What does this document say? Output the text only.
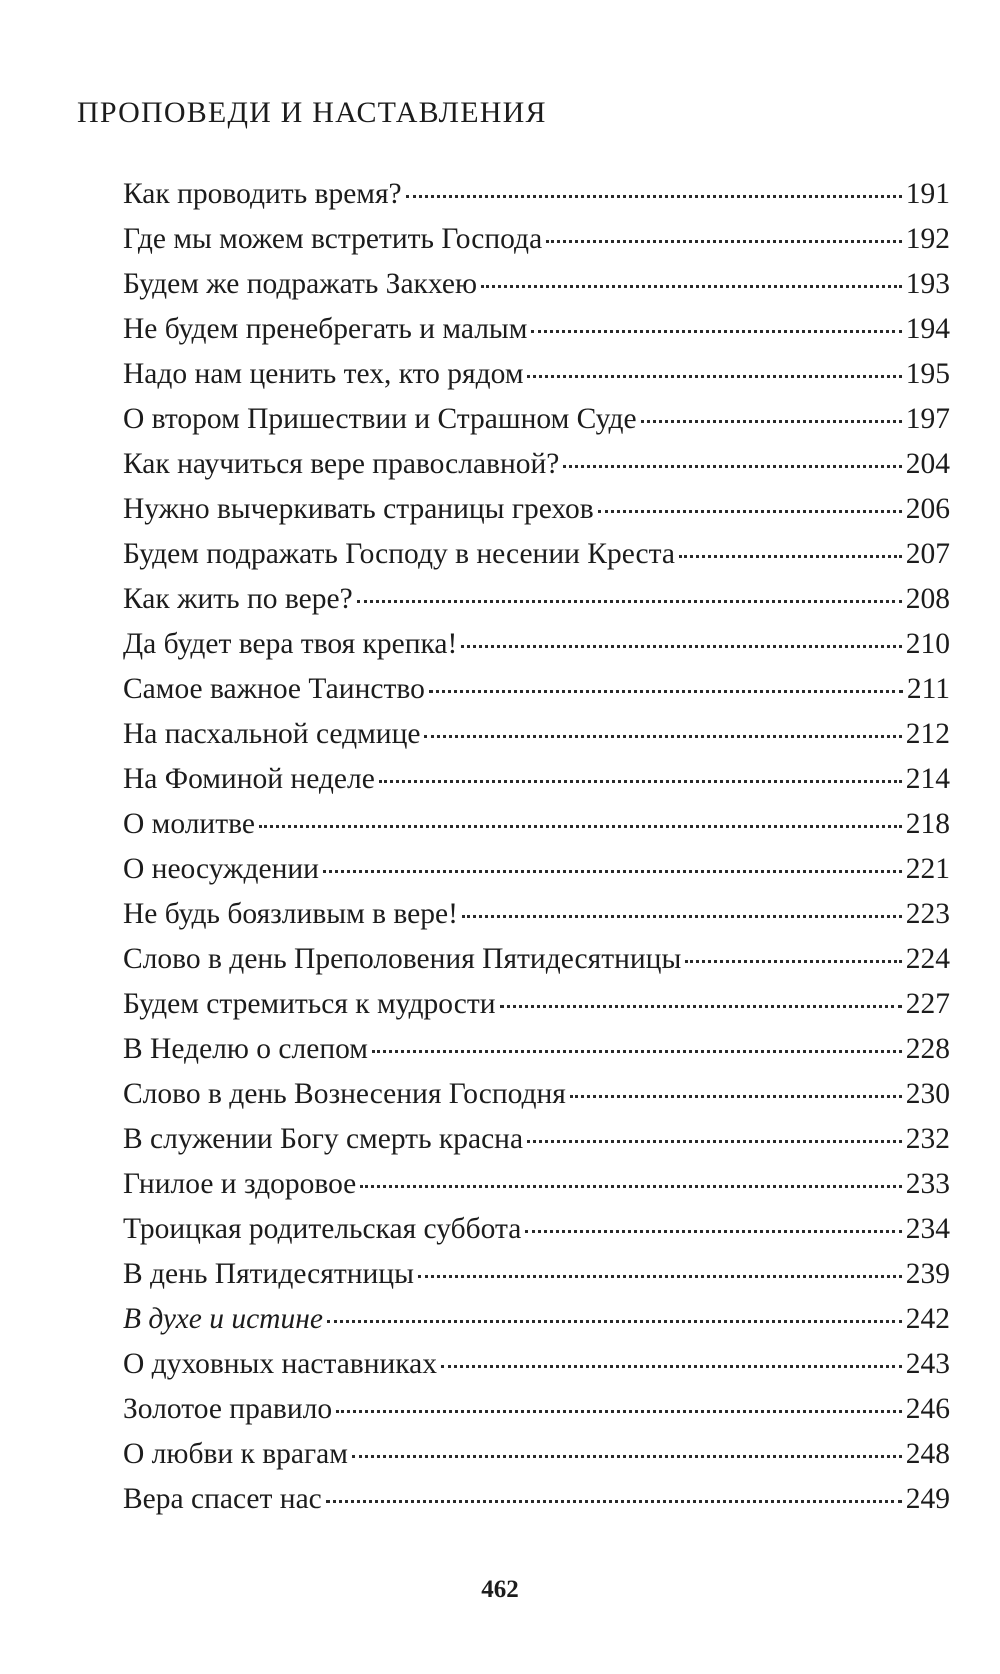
ПРОПОВЕДИ И НАСТАВЛЕНИЯ
Как проводить время?	191
Где мы можем встретить Господа	192
Будем же подражать Закхею	193
Не будем пренебрегать и малым	194
Надо нам ценить тех, кто рядом	195
О втором Пришествии и Страшном Суде	197
Как научиться вере православной?	204
Нужно вычеркивать страницы грехов	206
Будем подражать Господу в несении Креста	207
Как жить по вере?	208
Да будет вера твоя крепка!	210
Самое важное Таинство	211
На пасхальной седмице	212
На Фоминой неделе	214
О молитве	218
О неосуждении	221
Не будь боязливым в вере!	223
Слово в день Преполовения Пятидесятницы	224
Будем стремиться к мудрости	227
В Неделю о слепом	228
Слово в день Вознесения Господня	230
В служении Богу смерть красна	232
Гнилое и здоровое	233
Троицкая родительская суббота	234
В день Пятидесятницы	239
В духе и истине	242
О духовных наставниках	243
Золотое правило	246
О любви к врагам	248
Вера спасет нас	249

462
